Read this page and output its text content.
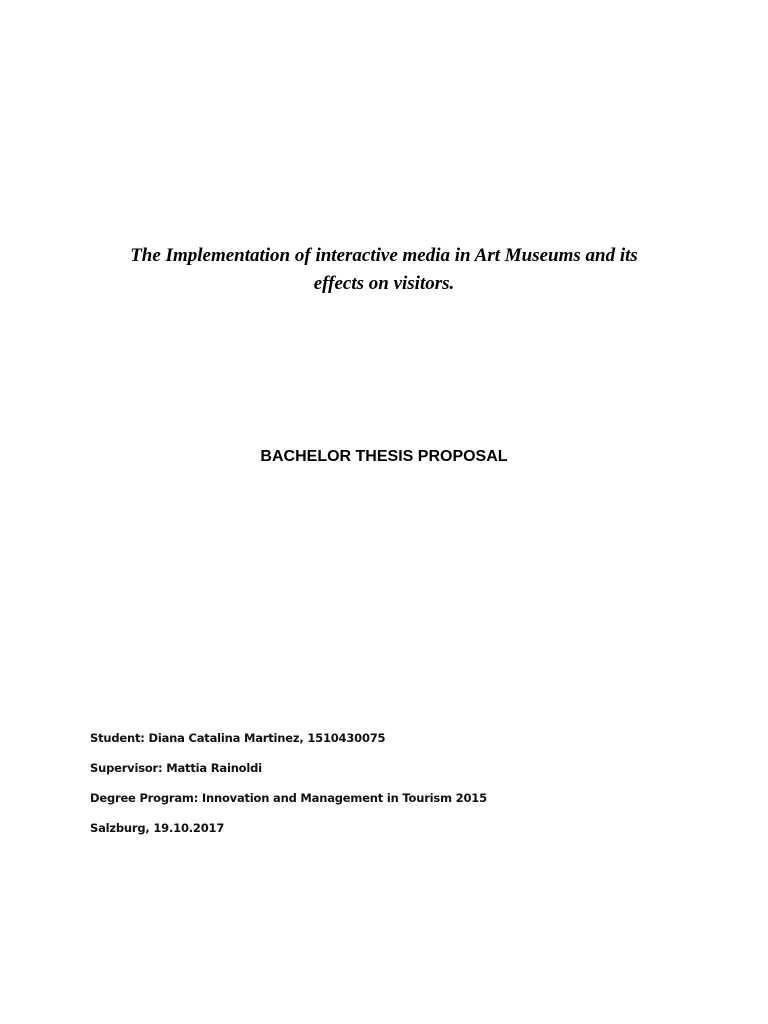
The Implementation of interactive media in Art Museums and its
effects on visitors.
BACHELOR THESIS PROPOSAL
Student: Diana Catalina Martinez, 1510430075
Supervisor: Mattia Rainoldi
Degree Program: Innovation and Management in Tourism 2015
Salzburg, 19.10.2017
